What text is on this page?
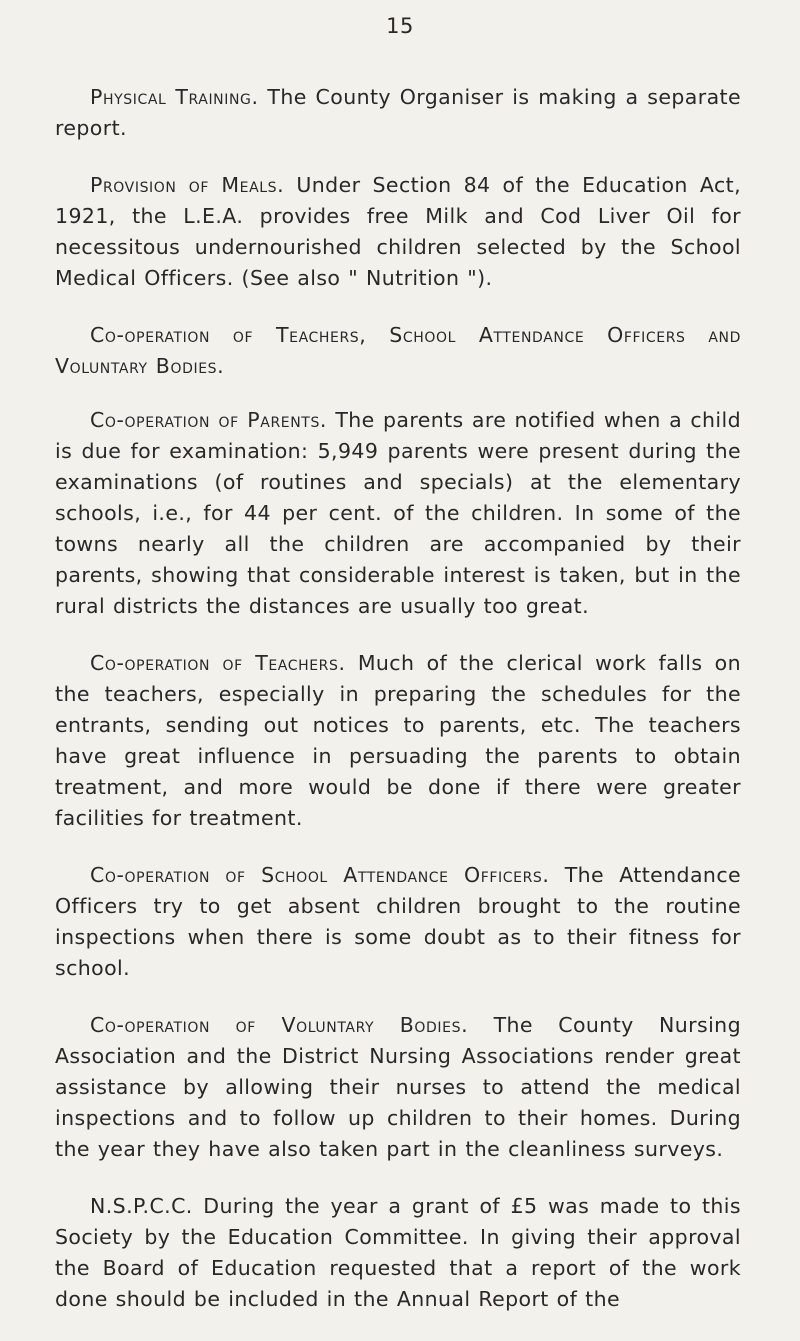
15

Physical Training. The County Organiser is making a separate report.

Provision of Meals. Under Section 84 of the Education Act, 1921, the L.E.A. provides free Milk and Cod Liver Oil for necessitous undernourished children selected by the School Medical Officers. (See also " Nutrition ").

Co-operation of Teachers, School Attendance Officers and Voluntary Bodies.

Co-operation of Parents. The parents are notified when a child is due for examination: 5,949 parents were present during the examinations (of routines and specials) at the elementary schools, i.e., for 44 per cent. of the children. In some of the towns nearly all the children are accompanied by their parents, showing that considerable interest is taken, but in the rural districts the distances are usually too great.

Co-operation of Teachers. Much of the clerical work falls on the teachers, especially in preparing the schedules for the entrants, sending out notices to parents, etc. The teachers have great influence in persuading the parents to obtain treatment, and more would be done if there were greater facilities for treatment.

Co-operation of School Attendance Officers. The Attendance Officers try to get absent children brought to the routine inspections when there is some doubt as to their fitness for school.

Co-operation of Voluntary Bodies. The County Nursing Association and the District Nursing Associations render great assistance by allowing their nurses to attend the medical inspections and to follow up children to their homes. During the year they have also taken part in the cleanliness surveys.

N.S.P.C.C. During the year a grant of £5 was made to this Society by the Education Committee. In giving their approval the Board of Education requested that a report of the work done should be included in the Annual Report of the
